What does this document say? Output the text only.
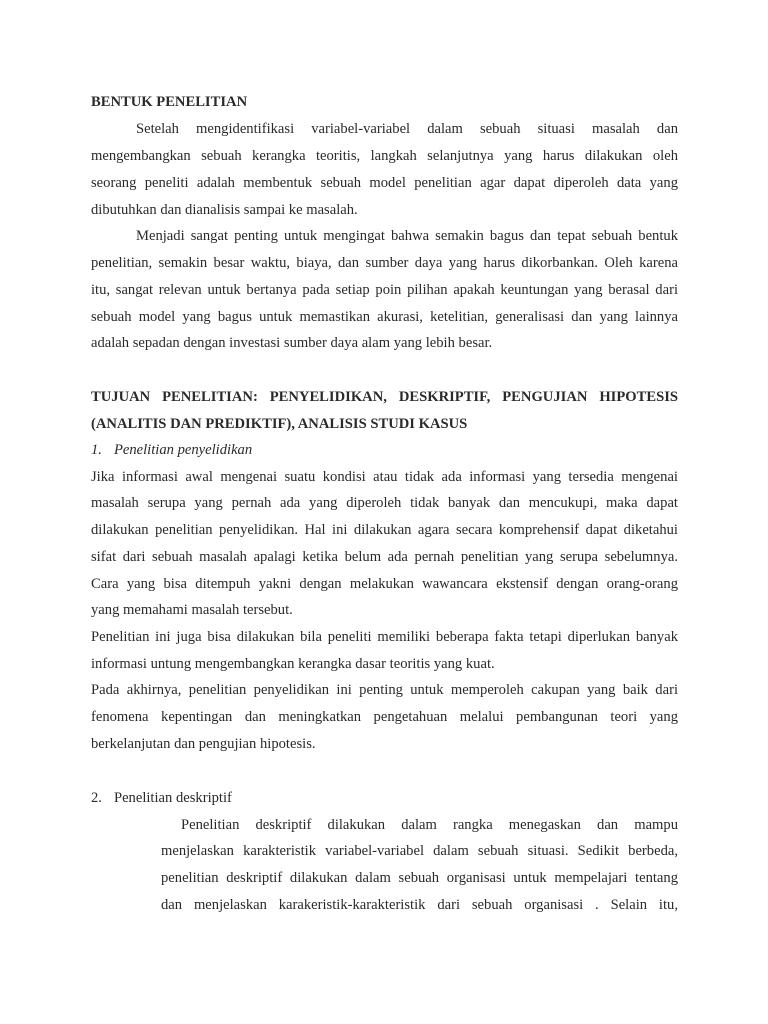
BENTUK PENELITIAN
Setelah mengidentifikasi variabel-variabel dalam sebuah situasi masalah dan
mengembangkan sebuah kerangka teoritis, langkah selanjutnya yang harus dilakukan oleh
seorang peneliti adalah membentuk sebuah model penelitian agar dapat diperoleh data yang
dibutuhkan dan dianalisis sampai ke masalah.
Menjadi sangat penting untuk mengingat bahwa semakin bagus dan tepat sebuah bentuk
penelitian, semakin besar waktu, biaya, dan sumber daya yang harus dikorbankan. Oleh karena
itu, sangat relevan untuk bertanya pada setiap poin pilihan apakah keuntungan yang berasal dari
sebuah model yang bagus untuk memastikan akurasi, ketelitian, generalisasi dan yang lainnya
adalah sepadan dengan investasi sumber daya alam yang lebih besar.
TUJUAN PENELITIAN: PENYELIDIKAN, DESKRIPTIF, PENGUJIAN HIPOTESIS
(ANALITIS DAN PREDIKTIF), ANALISIS STUDI KASUS
1. Penelitian penyelidikan
Jika informasi awal mengenai suatu kondisi atau tidak ada informasi yang tersedia mengenai
masalah serupa yang pernah ada yang diperoleh tidak banyak dan mencukupi, maka dapat
dilakukan penelitian penyelidikan. Hal ini dilakukan agara secara komprehensif dapat diketahui
sifat dari sebuah masalah apalagi ketika belum ada pernah penelitian yang serupa sebelumnya.
Cara yang bisa ditempuh yakni dengan melakukan wawancara ekstensif dengan orang-orang
yang memahami masalah tersebut.
Penelitian ini juga bisa dilakukan bila peneliti memiliki beberapa fakta tetapi diperlukan banyak
informasi untung mengembangkan kerangka dasar teoritis yang kuat.
Pada akhirnya, penelitian penyelidikan ini penting untuk memperoleh cakupan yang baik dari
fenomena kepentingan dan meningkatkan pengetahuan melalui pembangunan teori yang
berkelanjutan dan pengujian hipotesis.
2. Penelitian deskriptif
Penelitian deskriptif dilakukan dalam rangka menegaskan dan mampu
menjelaskan karakteristik variabel-variabel dalam sebuah situasi. Sedikit berbeda,
penelitian deskriptif dilakukan dalam sebuah organisasi untuk mempelajari tentang
dan menjelaskan karakeristik-karakteristik dari sebuah organisasi . Selain itu,
